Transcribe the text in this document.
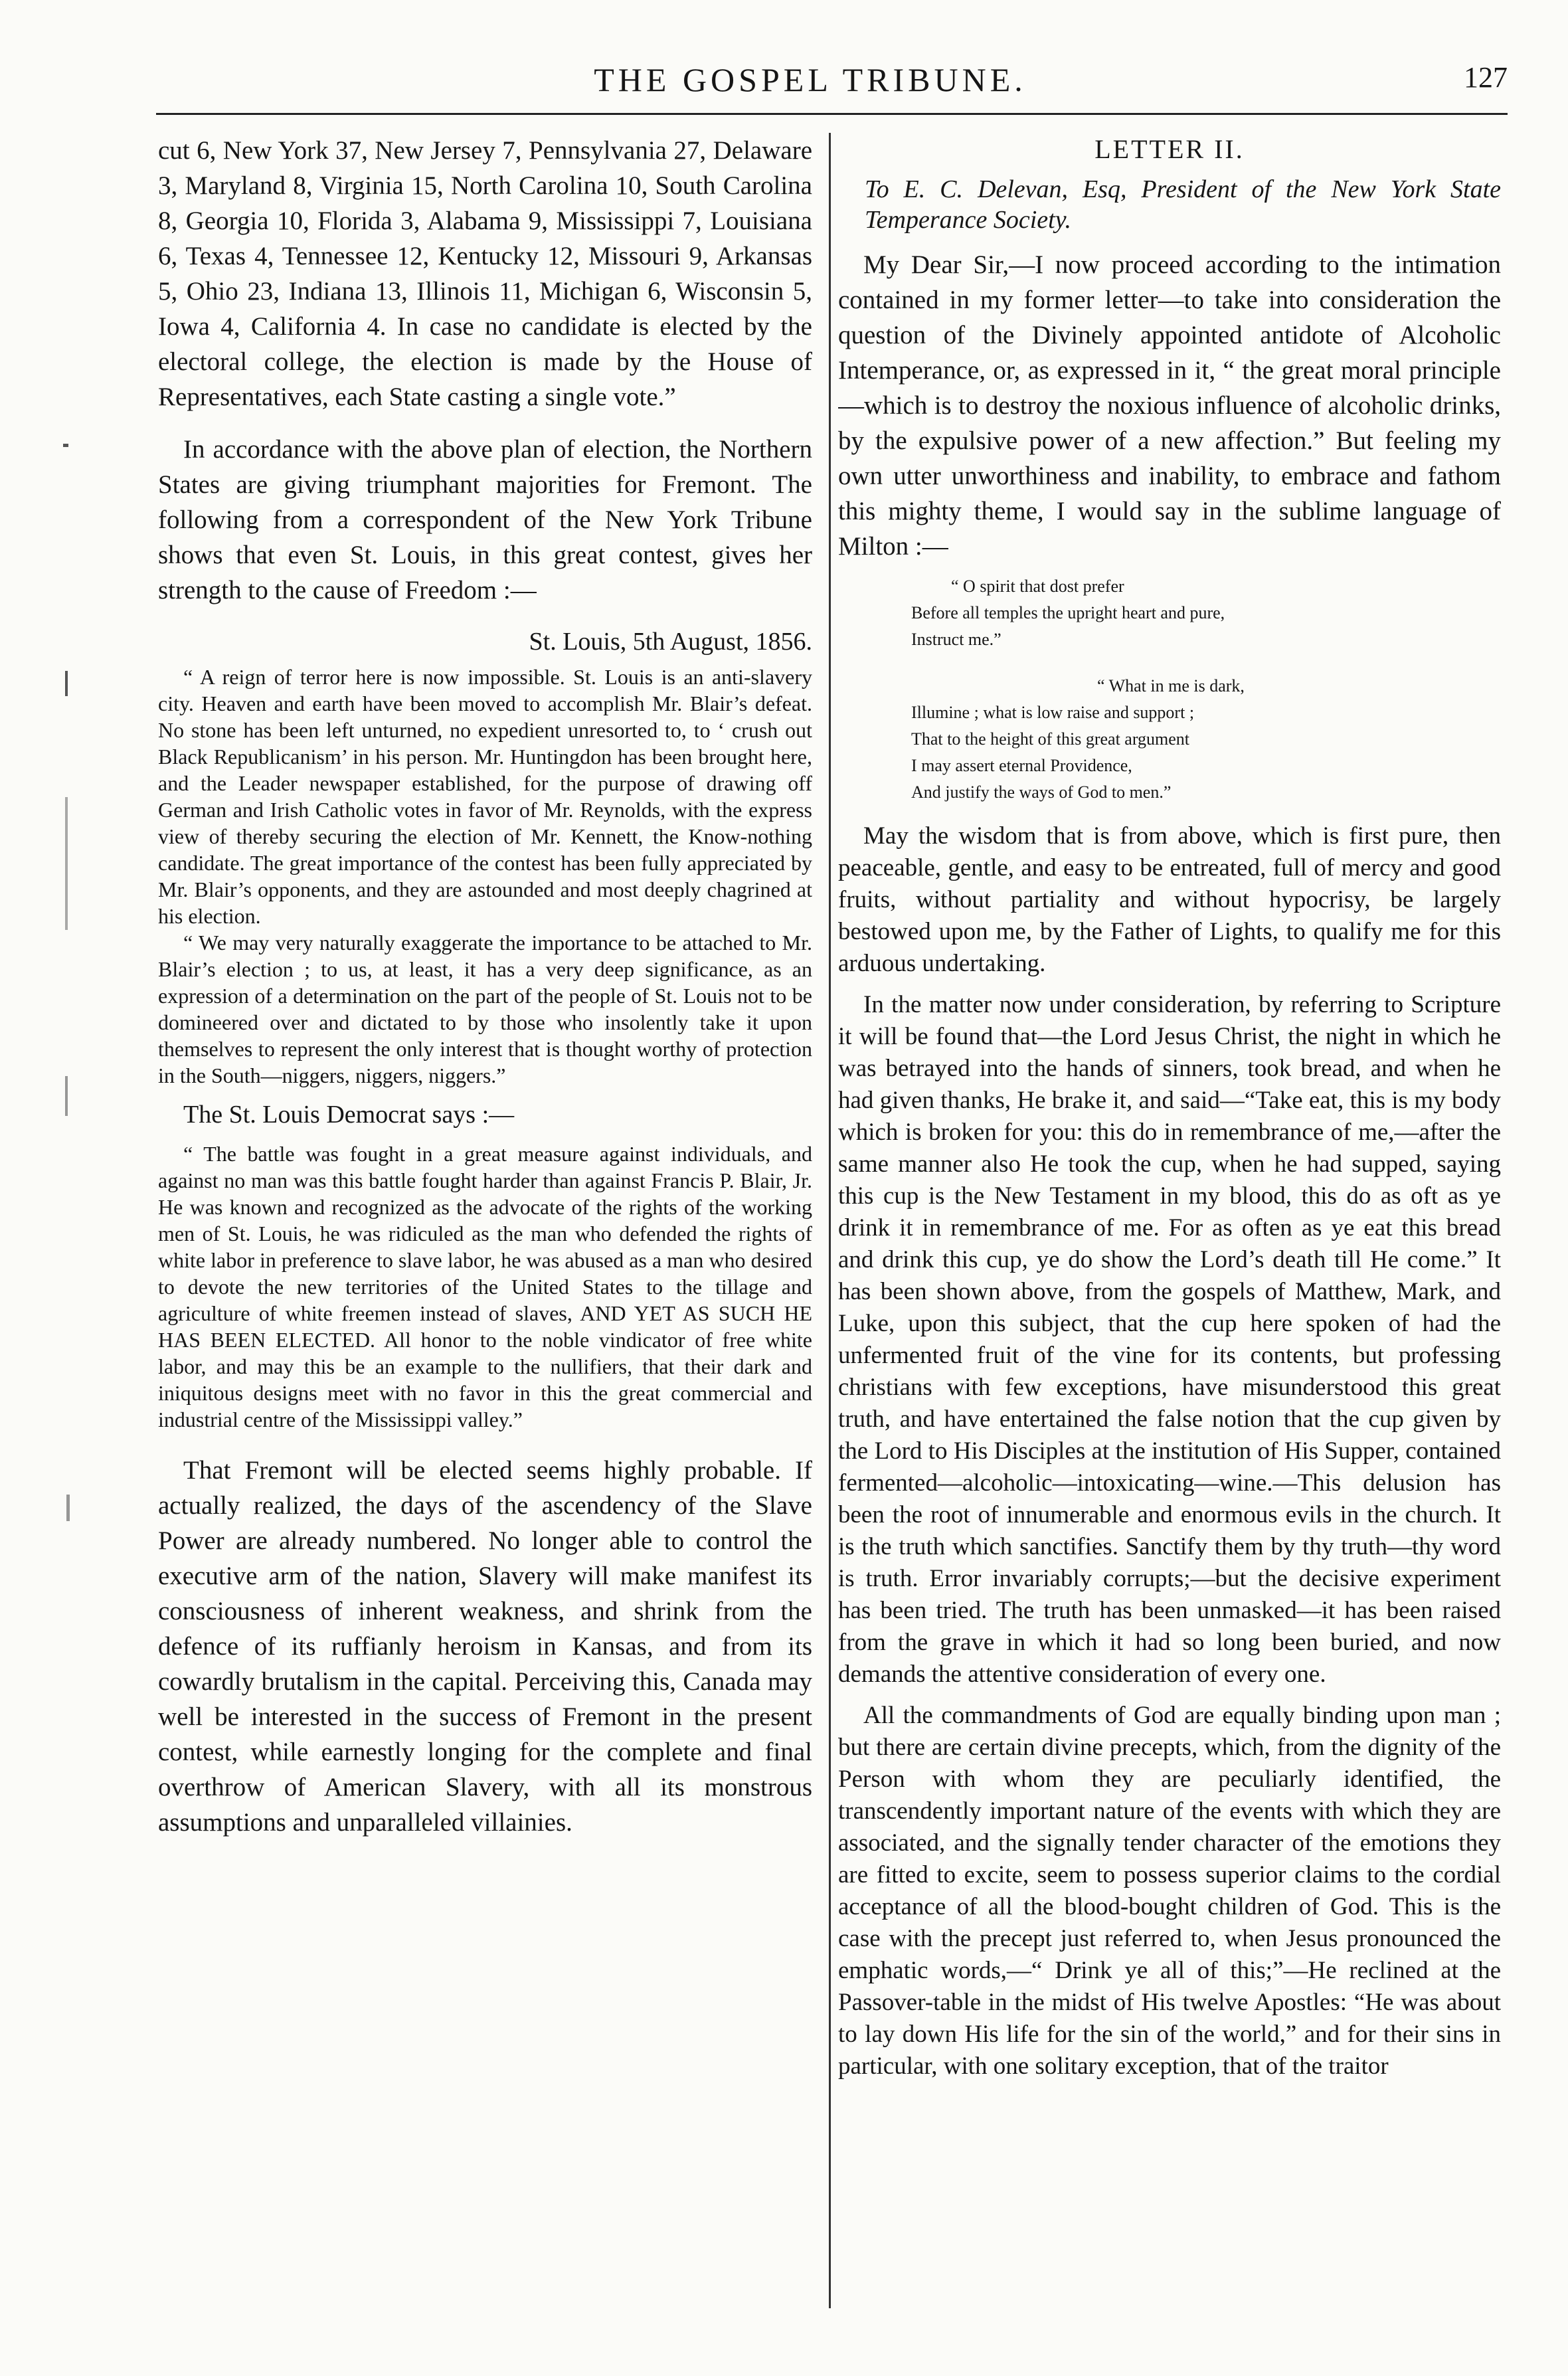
THE GOSPEL TRIBUNE.	127

cut 6, New York 37, New Jersey 7, Pennsylvania 27, Delaware 3, Maryland 8, Virginia 15, North Carolina 10, South Carolina 8, Georgia 10, Florida 3, Alabama 9, Mississippi 7, Louisiana 6, Texas 4, Tennessee 12, Kentucky 12, Missouri 9, Arkansas 5, Ohio 23, Indiana 13, Illinois 11, Michigan 6, Wisconsin 5, Iowa 4, California 4. In case no candidate is elected by the electoral college, the election is made by the House of Representatives, each State casting a single vote.”

In accordance with the above plan of election, the Northern States are giving triumphant majorities for Fremont. The following from a correspondent of the New York Tribune shows that even St. Louis, in this great contest, gives her strength to the cause of Freedom :—

St. Louis, 5th August, 1856.

“ A reign of terror here is now impossible. St. Louis is an anti-slavery city. Heaven and earth have been moved to accomplish Mr. Blair’s defeat. No stone has been left unturned, no expedient unresorted to, to ‘ crush out Black Republicanism’ in his person. Mr. Huntingdon has been brought here, and the Leader newspaper established, for the purpose of drawing off German and Irish Catholic votes in favor of Mr. Reynolds, with the express view of thereby securing the election of Mr. Kennett, the Know-nothing candidate. The great importance of the contest has been fully appreciated by Mr. Blair’s opponents, and they are astounded and most deeply chagrined at his election.

“ We may very naturally exaggerate the importance to be attached to Mr. Blair’s election ; to us, at least, it has a very deep significance, as an expression of a determination on the part of the people of St. Louis not to be domineered over and dictated to by those who insolently take it upon themselves to represent the only interest that is thought worthy of protection in the South—niggers, niggers, niggers.”

The St. Louis Democrat says :—

“ The battle was fought in a great measure against individuals, and against no man was this battle fought harder than against Francis P. Blair, Jr. He was known and recognized as the advocate of the rights of the working men of St. Louis, he was ridiculed as the man who defended the rights of white labor in preference to slave labor, he was abused as a man who desired to devote the new territories of the United States to the tillage and agriculture of white freemen instead of slaves, AND YET AS SUCH HE HAS BEEN ELECTED. All honor to the noble vindicator of free white labor, and may this be an example to the nullifiers, that their dark and iniquitous designs meet with no favor in this the great commercial and industrial centre of the Mississippi valley.”

That Fremont will be elected seems highly probable. If actually realized, the days of the ascendency of the Slave Power are already numbered. No longer able to control the executive arm of the nation, Slavery will make manifest its consciousness of inherent weakness, and shrink from the defence of its ruffianly heroism in Kansas, and from its cowardly brutalism in the capital. Perceiving this, Canada may well be interested in the success of Fremont in the present contest, while earnestly longing for the complete and final overthrow of American Slavery, with all its monstrous assumptions and unparalleled villainies.

LETTER II.

To E. C. Delevan, Esq, President of the New York State Temperance Society.

My Dear Sir,—I now proceed according to the intimation contained in my former letter—to take into consideration the question of the Divinely appointed antidote of Alcoholic Intemperance, or, as expressed in it, “ the great moral principle—which is to destroy the noxious influence of alcoholic drinks, by the expulsive power of a new affection.” But feeling my own utter unworthiness and inability, to embrace and fathom this mighty theme, I would say in the sublime language of Milton :—

“ O spirit that dost prefer
Before all temples the upright heart and pure,
Instruct me.”
“ What in me is dark,
Illumine ; what is low raise and support ;
That to the height of this great argument
I may assert eternal Providence,
And justify the ways of God to men.”

May the wisdom that is from above, which is first pure, then peaceable, gentle, and easy to be entreated, full of mercy and good fruits, without partiality and without hypocrisy, be largely bestowed upon me, by the Father of Lights, to qualify me for this arduous undertaking.

In the matter now under consideration, by referring to Scripture it will be found that—the Lord Jesus Christ, the night in which he was betrayed into the hands of sinners, took bread, and when he had given thanks, He brake it, and said—“Take eat, this is my body which is broken for you: this do in remembrance of me,—after the same manner also He took the cup, when he had supped, saying this cup is the New Testament in my blood, this do as oft as ye drink it in remembrance of me. For as often as ye eat this bread and drink this cup, ye do show the Lord’s death till He come.” It has been shown above, from the gospels of Matthew, Mark, and Luke, upon this subject, that the cup here spoken of had the unfermented fruit of the vine for its contents, but professing christians with few exceptions, have misunderstood this great truth, and have entertained the false notion that the cup given by the Lord to His Disciples at the institution of His Supper, contained fermented—alcoholic—intoxicating—wine.—This delusion has been the root of innumerable and enormous evils in the church. It is the truth which sanctifies. Sanctify them by thy truth—thy word is truth. Error invariably corrupts;—but the decisive experiment has been tried. The truth has been unmasked—it has been raised from the grave in which it had so long been buried, and now demands the attentive consideration of every one.

All the commandments of God are equally binding upon man ; but there are certain divine precepts, which, from the dignity of the Person with whom they are peculiarly identified, the transcendently important nature of the events with which they are associated, and the signally tender character of the emotions they are fitted to excite, seem to possess superior claims to the cordial acceptance of all the blood-bought children of God. This is the case with the precept just referred to, when Jesus pronounced the emphatic words,—“ Drink ye all of this;”—He reclined at the Passover-table in the midst of His twelve Apostles: “He was about to lay down His life for the sin of the world,” and for their sins in particular, with one solitary exception, that of the traitor
